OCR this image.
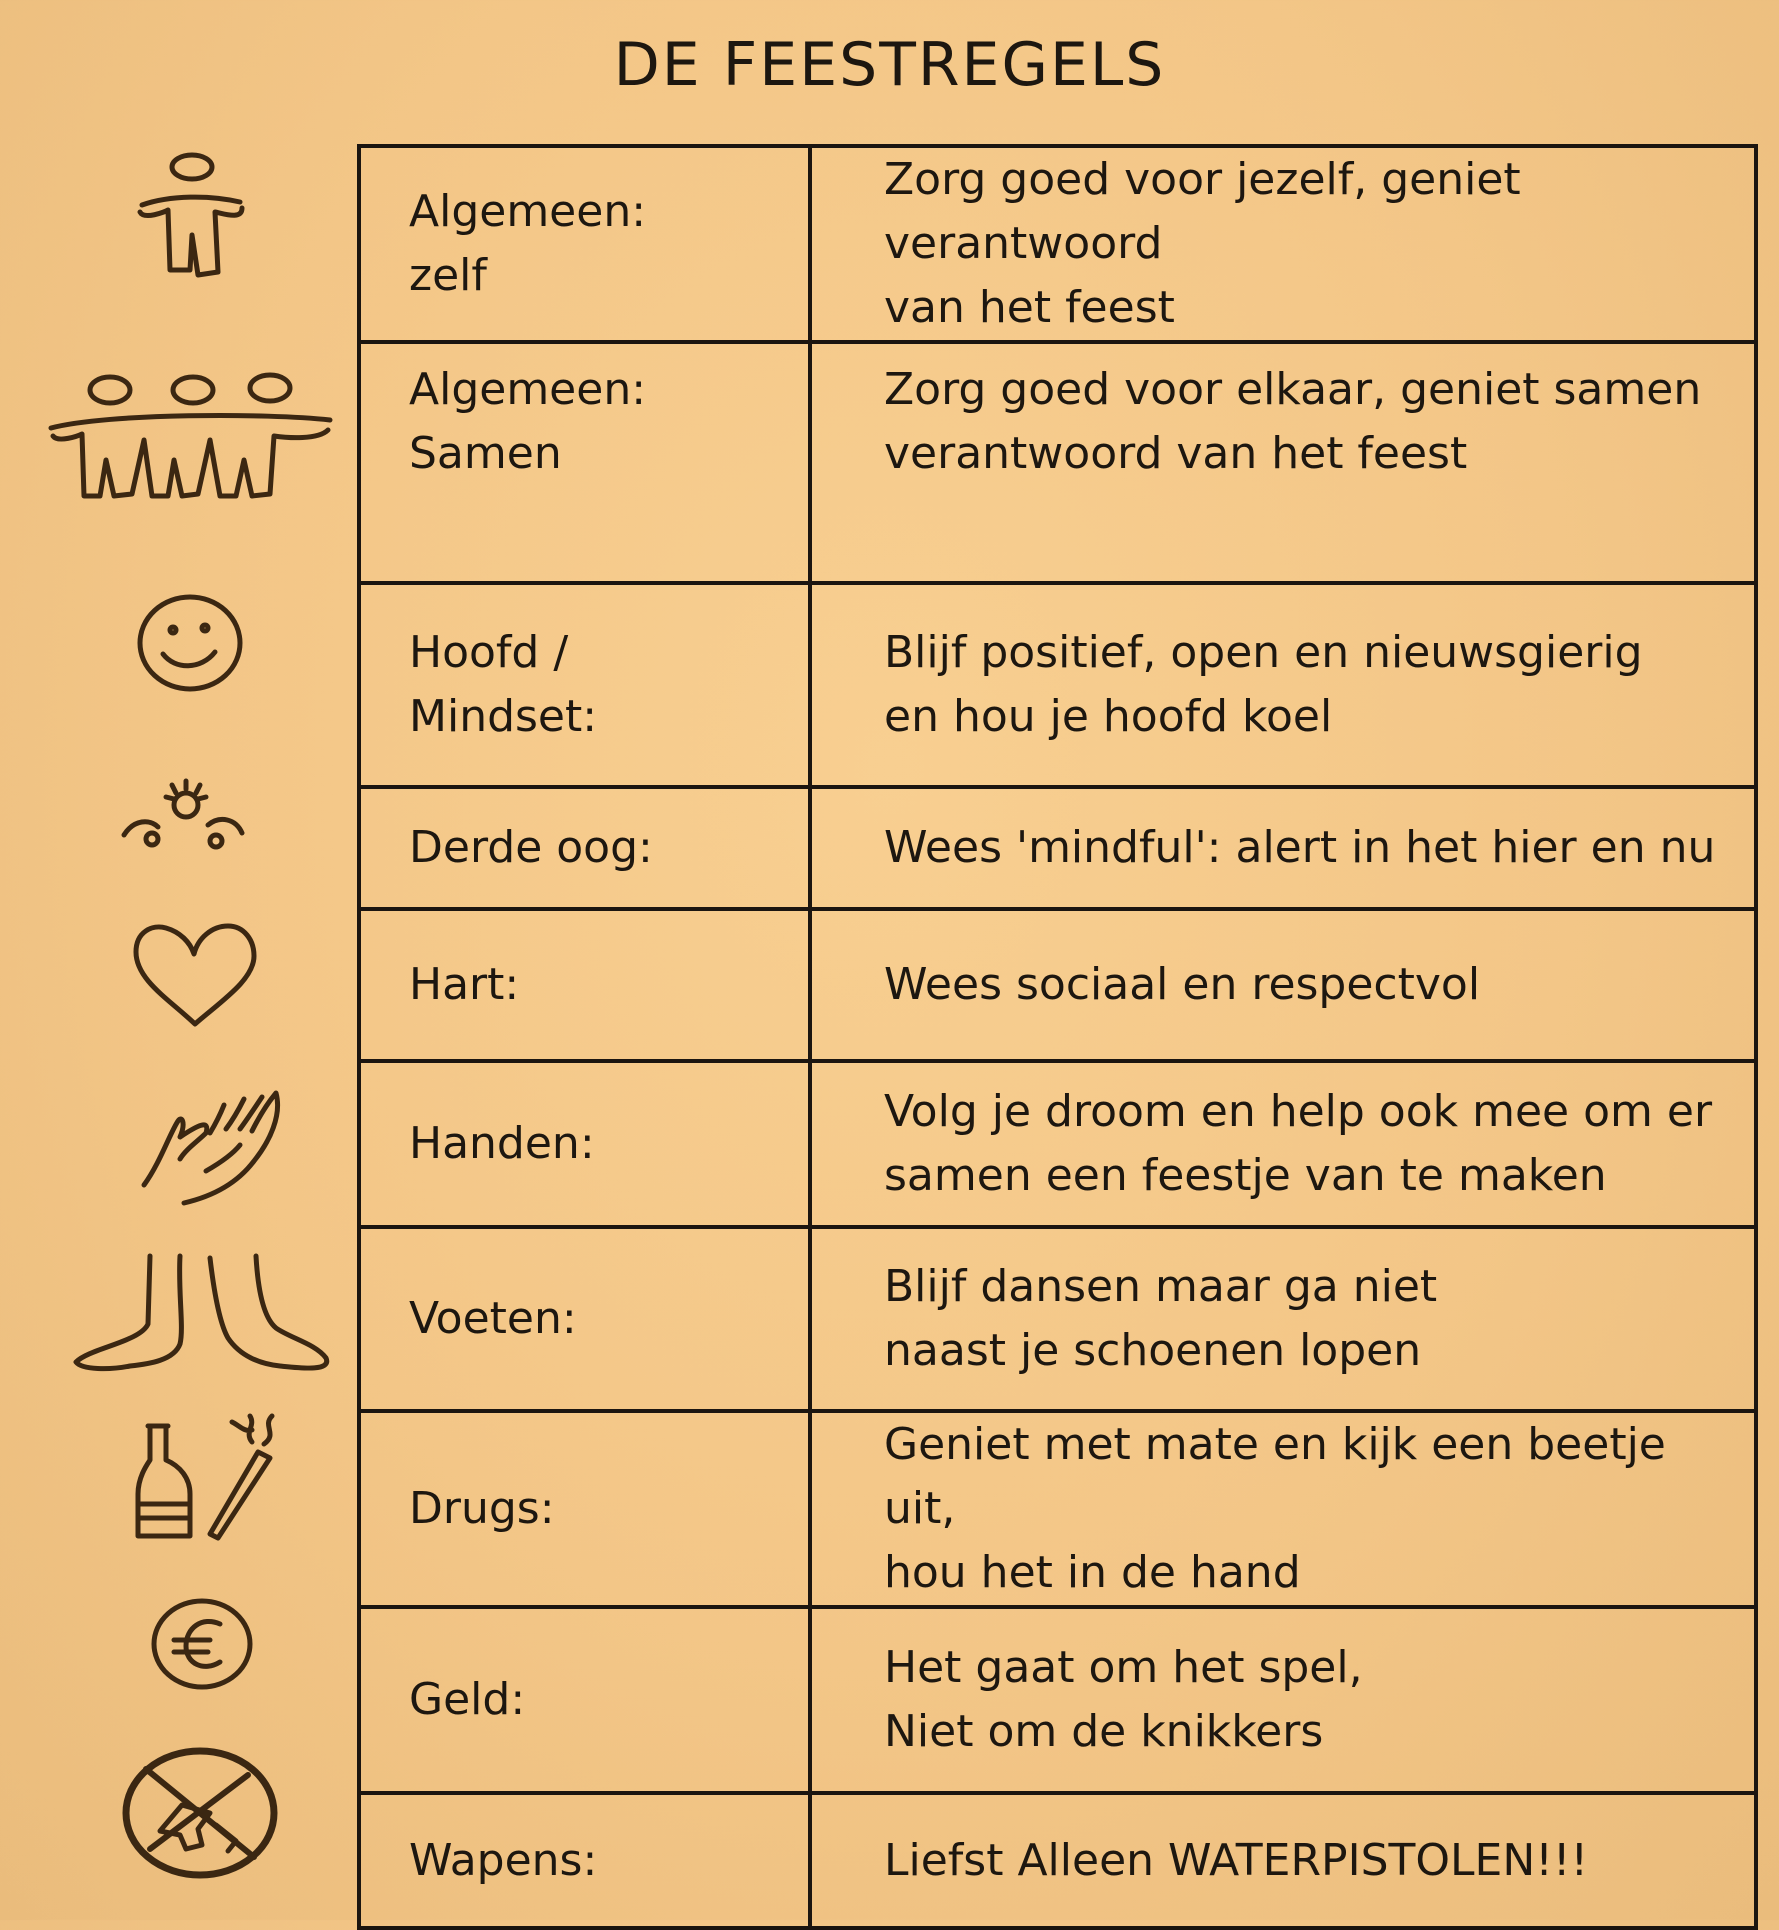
DE FEESTREGELS
Algemeen:
zelf	Zorg goed voor jezelf, geniet verantwoord
van het feest
Algemeen:
Samen	Zorg goed voor elkaar, geniet samen
verantwoord van het feest
Hoofd /
Mindset:	Blijf positief, open en nieuwsgierig
en hou je hoofd koel
Derde oog:	Wees 'mindful': alert in het hier en nu
Hart:	Wees sociaal en respectvol
Handen:	Volg je droom en help ook mee om er
samen een feestje van te maken
Voeten:	Blijf dansen maar ga niet
naast je schoenen lopen
Drugs:	Geniet met mate en kijk een beetje uit,
hou het in de hand
Geld:	Het gaat om het spel,
Niet om de knikkers
Wapens:	Liefst Alleen WATERPISTOLEN!!!
